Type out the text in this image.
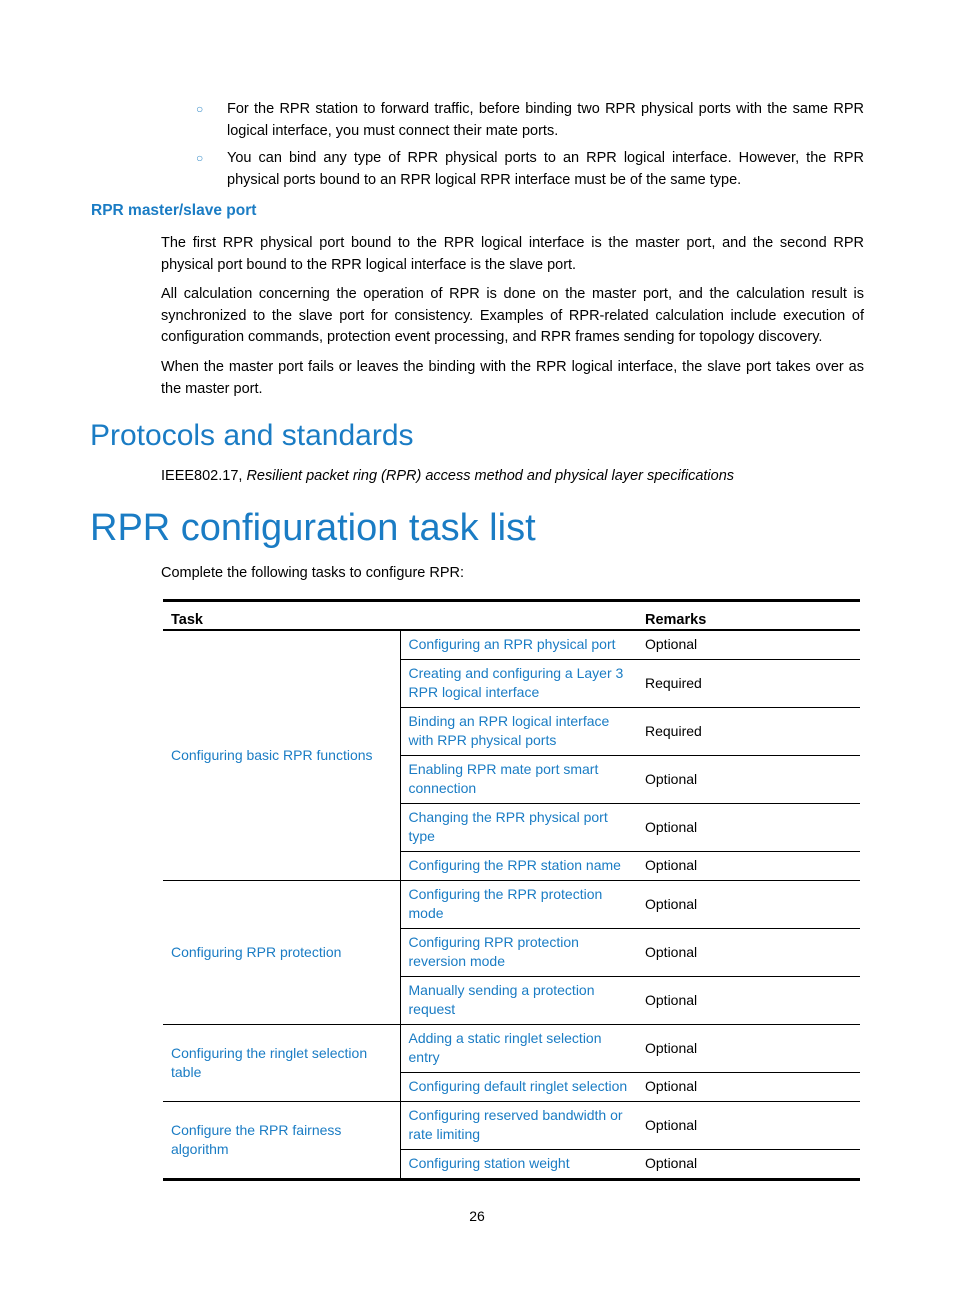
○ For the RPR station to forward traffic, before binding two RPR physical ports with the same RPR logical interface, you must connect their mate ports.
○ You can bind any type of RPR physical ports to an RPR logical interface. However, the RPR physical ports bound to an RPR logical RPR interface must be of the same type.
RPR master/slave port
The first RPR physical port bound to the RPR logical interface is the master port, and the second RPR physical port bound to the RPR logical interface is the slave port.
All calculation concerning the operation of RPR is done on the master port, and the calculation result is synchronized to the slave port for consistency. Examples of RPR-related calculation include execution of configuration commands, protection event processing, and RPR frames sending for topology discovery.
When the master port fails or leaves the binding with the RPR logical interface, the slave port takes over as the master port.
Protocols and standards
IEEE802.17, Resilient packet ring (RPR) access method and physical layer specifications
RPR configuration task list
Complete the following tasks to configure RPR:
Task		Remarks
Configuring basic RPR functions	Configuring an RPR physical port	Optional
	Creating and configuring a Layer 3 RPR logical interface	Required
	Binding an RPR logical interface with RPR physical ports	Required
	Enabling RPR mate port smart connection	Optional
	Changing the RPR physical port type	Optional
	Configuring the RPR station name	Optional
Configuring RPR protection	Configuring the RPR protection mode	Optional
	Configuring RPR protection reversion mode	Optional
	Manually sending a protection request	Optional
Configuring the ringlet selection table	Adding a static ringlet selection entry	Optional
	Configuring default ringlet selection	Optional
Configure the RPR fairness algorithm	Configuring reserved bandwidth or rate limiting	Optional
	Configuring station weight	Optional
26
